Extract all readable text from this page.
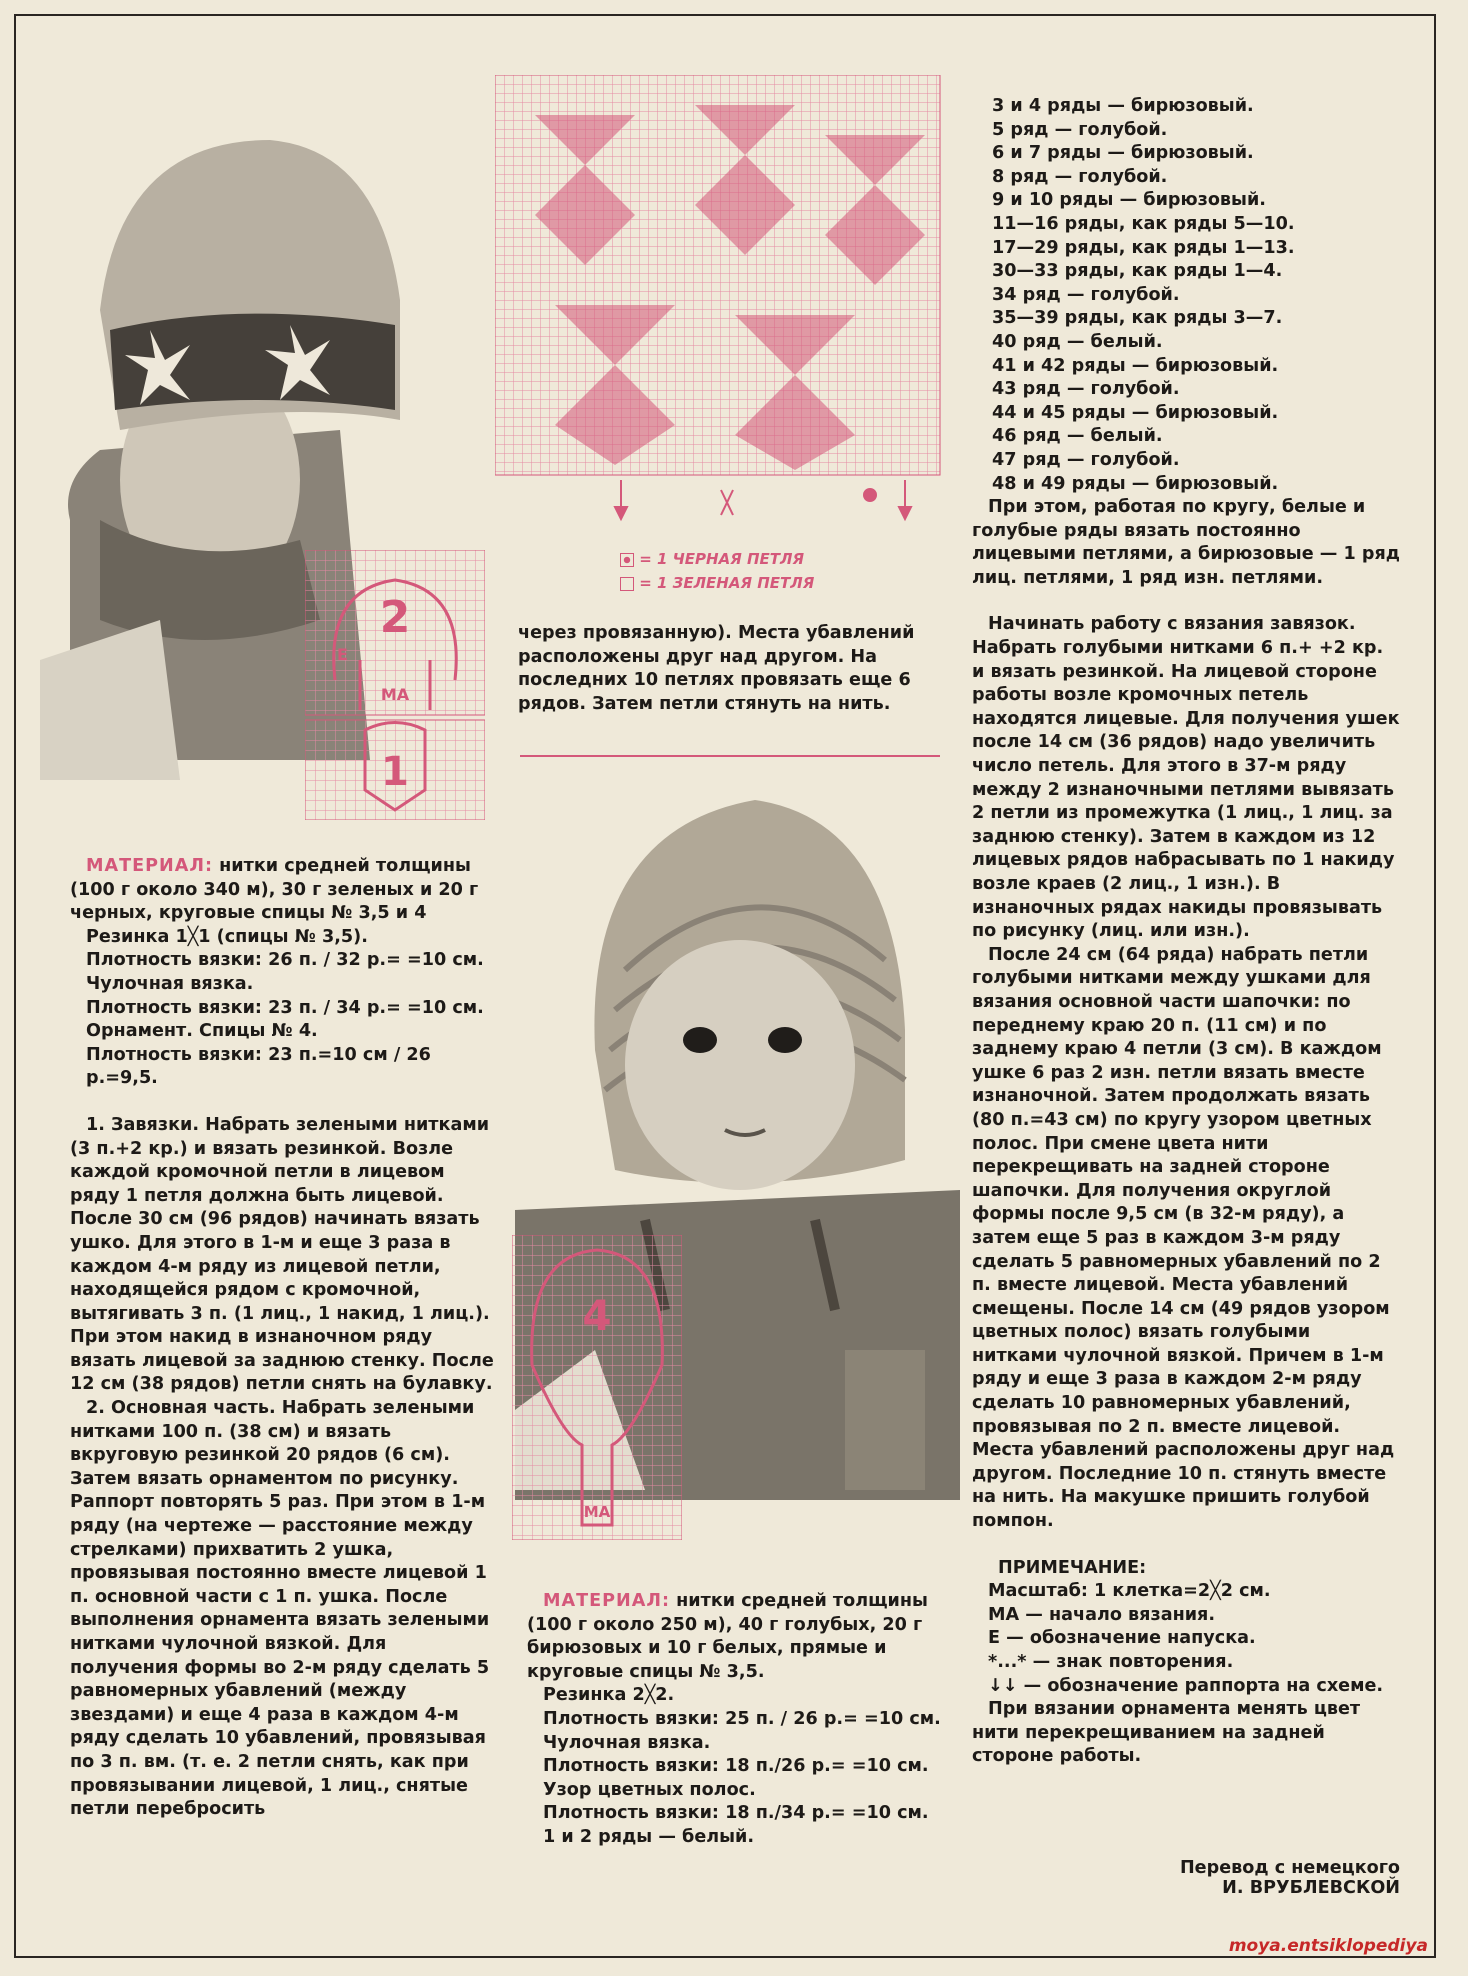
2
Е
МА
1
= 1 ЧЕРНАЯ ПЕТЛЯ
= 1 ЗЕЛЕНАЯ ПЕТЛЯ

через провязанную). Места убавлений расположены друг над другом. На последних 10 петлях провязать еще 6 рядов. Затем петли стянуть на нить.

4
МА

МАТЕРИАЛ: нитки средней толщины (100 г около 340 м), 30 г зеленых и 20 г черных, круговые спицы № 3,5 и 4

Резинка 1╳1 (спицы № 3,5).

Плотность вязки: 26 п. / 32 р.= =10 см.

Чулочная вязка.

Плотность вязки: 23 п. / 34 р.= =10 см.

Орнамент. Спицы № 4.

Плотность вязки: 23 п.=10 см / 26 р.=9,5.

1. Завязки. Набрать зелеными нитками (3 п.+2 кр.) и вязать резинкой. Возле каждой кромочной петли в лицевом ряду 1 петля должна быть лицевой. После 30 см (96 рядов) начинать вязать ушко. Для этого в 1-м и еще 3 раза в каждом 4-м ряду из лицевой петли, находящейся рядом с кромочной, вытягивать 3 п. (1 лиц., 1 накид, 1 лиц.). При этом накид в изнаночном ряду вязать лицевой за заднюю стенку. После 12 см (38 рядов) петли снять на булавку.

2. Основная часть. Набрать зелеными нитками 100 п. (38 см) и вязать вкруговую резинкой 20 рядов (6 см). Затем вязать орнаментом по рисунку. Раппорт повторять 5 раз. При этом в 1-м ряду (на чертеже — расстояние между стрелками) прихватить 2 ушка, провязывая постоянно вместе лицевой 1 п. основной части с 1 п. ушка. После выполнения орнамента вязать зелеными нитками чулочной вязкой. Для получения формы во 2-м ряду сделать 5 равномерных убавлений (между звездами) и еще 4 раза в каждом 4-м ряду сделать 10 убавлений, провязывая по 3 п. вм. (т. е. 2 петли снять, как при провязывании лицевой, 1 лиц., снятые петли перебросить

МАТЕРИАЛ: нитки средней толщины (100 г около 250 м), 40 г голубых, 20 г бирюзовых и 10 г белых, прямые и круговые спицы № 3,5.

Резинка 2╳2.

Плотность вязки: 25 п. / 26 р.= =10 см.

Чулочная вязка.

Плотность вязки: 18 п./26 р.= =10 см.

Узор цветных полос.

Плотность вязки: 18 п./34 р.= =10 см.

1 и 2 ряды — белый.

3 и 4 ряды — бирюзовый.

5 ряд — голубой.

6 и 7 ряды — бирюзовый.

8 ряд — голубой.

9 и 10 ряды — бирюзовый.

11—16 ряды, как ряды 5—10.

17—29 ряды, как ряды 1—13.

30—33 ряды, как ряды 1—4.

34 ряд — голубой.

35—39 ряды, как ряды 3—7.

40 ряд — белый.

41 и 42 ряды — бирюзовый.

43 ряд — голубой.

44 и 45 ряды — бирюзовый.

46 ряд — белый.

47 ряд — голубой.

48 и 49 ряды — бирюзовый.

При этом, работая по кругу, белые и голубые ряды вязать постоянно лицевыми петлями, а бирюзовые — 1 ряд лиц. петлями, 1 ряд изн. петлями.

Начинать работу с вязания завязок. Набрать голубыми нитками 6 п.+ +2 кр. и вязать резинкой. На лицевой стороне работы возле кромочных петель находятся лицевые. Для получения ушек после 14 см (36 рядов) надо увеличить число петель. Для этого в 37-м ряду между 2 изнаночными петлями вывязать 2 петли из промежутка (1 лиц., 1 лиц. за заднюю стенку). Затем в каждом из 12 лицевых рядов набрасывать по 1 накиду возле краев (2 лиц., 1 изн.). В изнаночных рядах накиды провязывать по рисунку (лиц. или изн.).

После 24 см (64 ряда) набрать петли голубыми нитками между ушками для вязания основной части шапочки: по переднему краю 20 п. (11 см) и по заднему краю 4 петли (3 см). В каждом ушке 6 раз 2 изн. петли вязать вместе изнаночной. Затем продолжать вязать (80 п.=43 см) по кругу узором цветных полос. При смене цвета нити перекрещивать на задней стороне шапочки. Для получения округлой формы после 9,5 см (в 32-м ряду), а затем еще 5 раз в каждом 3-м ряду сделать 5 равномерных убавлений по 2 п. вместе лицевой. Места убавлений смещены. После 14 см (49 рядов узором цветных полос) вязать голубыми нитками чулочной вязкой. Причем в 1-м ряду и еще 3 раза в каждом 2-м ряду сделать 10 равномерных убавлений, провязывая по 2 п. вместе лицевой. Места убавлений расположены друг над другом. Последние 10 п. стянуть вместе на нить. На макушке пришить голубой помпон.

ПРИМЕЧАНИЕ:

Масштаб: 1 клетка=2╳2 см.

МА — начало вязания.

Е — обозначение напуска.

*...* — знак повторения.

↓↓ — обозначение раппорта на схеме.

При вязании орнамента менять цвет нити перекрещиванием на задней стороне работы.

Перевод с немецкого
И. ВРУБЛЕВСКОЙ
moya.entsiklopediya
